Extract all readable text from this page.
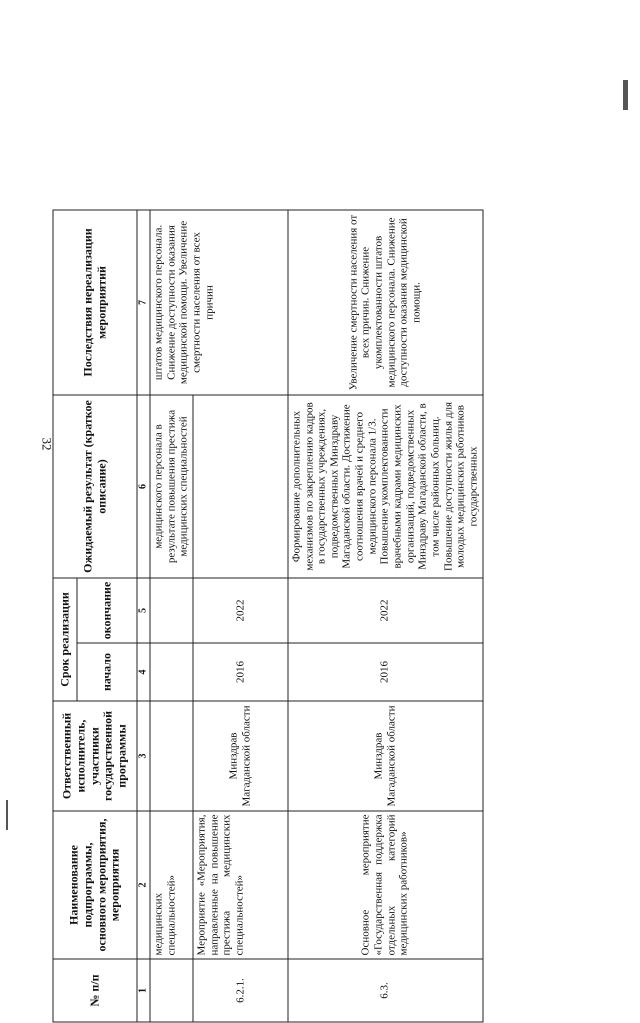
32
№ п/п	Наименование подпрограммы, основного мероприятия, мероприятия	Ответственный исполнитель, участники государственной программы	Срок реализации		Ожидаемый результат (краткое описание)	Последствия нереализации мероприятий
			начало	окончание		
1	2	3	4	5	6	7
	медицинских специальностей»				медицинского персонала в результате повышения престижа медицинских специальностей	штатов медицинского персонала. Снижение доступности оказания медицинской помощи. Увеличение смертности населения от всех причин
6.2.1.	Мероприятие «Мероприятия, направленные на повышение престижа медицинских специальностей»	Минздрав Магаданской области	2016	2022		
6.3.	Основное мероприятие «Государственная поддержка отдельных категорий медицинских работников»	Минздрав Магаданской области	2016	2022	Формирование дополнительных механизмов по закреплению кадров в государственных учреждениях, подведомственных Минздраву Магаданской области. Достижение соотношения врачей и среднего медицинского персонала 1/3. Повышение укомплектованности врачебными кадрами медицинских организаций, подведомственных Минздраву Магаданской области, в том числе районных больниц. Повышение доступности жилья для молодых медицинских работников государственных	Увеличение смертности населения от всех причин. Снижение укомплектованности штатов медицинского персонала. Снижение доступности оказания медицинской помощи.
